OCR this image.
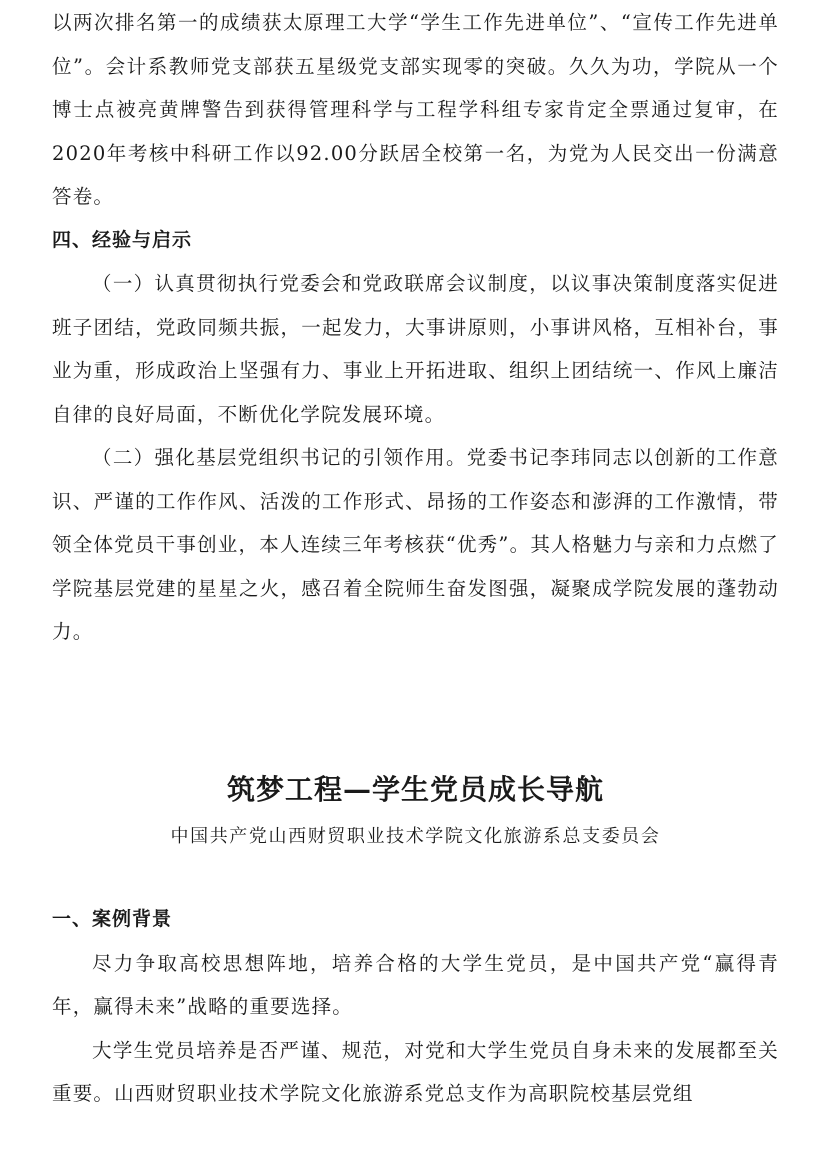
以两次排名第一的成绩获太原理工大学“学生工作先进单位”、“宣传工作先进单位”。会计系教师党支部获五星级党支部实现零的突破。久久为功，学院从一个博士点被亮黄牌警告到获得管理科学与工程学科组专家肯定全票通过复审，在2020年考核中科研工作以92.00分跃居全校第一名，为党为人民交出一份满意答卷。

四、经验与启示

（一）认真贯彻执行党委会和党政联席会议制度，以议事决策制度落实促进班子团结，党政同频共振，一起发力，大事讲原则，小事讲风格，互相补台，事业为重，形成政治上坚强有力、事业上开拓进取、组织上团结统一、作风上廉洁自律的良好局面，不断优化学院发展环境。

（二）强化基层党组织书记的引领作用。党委书记李玮同志以创新的工作意识、严谨的工作作风、活泼的工作形式、昂扬的工作姿态和澎湃的工作激情，带领全体党员干事创业，本人连续三年考核获“优秀”。其人格魅力与亲和力点燃了学院基层党建的星星之火，感召着全院师生奋发图强，凝聚成学院发展的蓬勃动力。

筑梦工程—学生党员成长导航

中国共产党山西财贸职业技术学院文化旅游系总支委员会

一、案例背景

尽力争取高校思想阵地，培养合格的大学生党员，是中国共产党“赢得青年，赢得未来”战略的重要选择。

大学生党员培养是否严谨、规范，对党和大学生党员自身未来的发展都至关重要。山西财贸职业技术学院文化旅游系党总支作为高职院校基层党组
